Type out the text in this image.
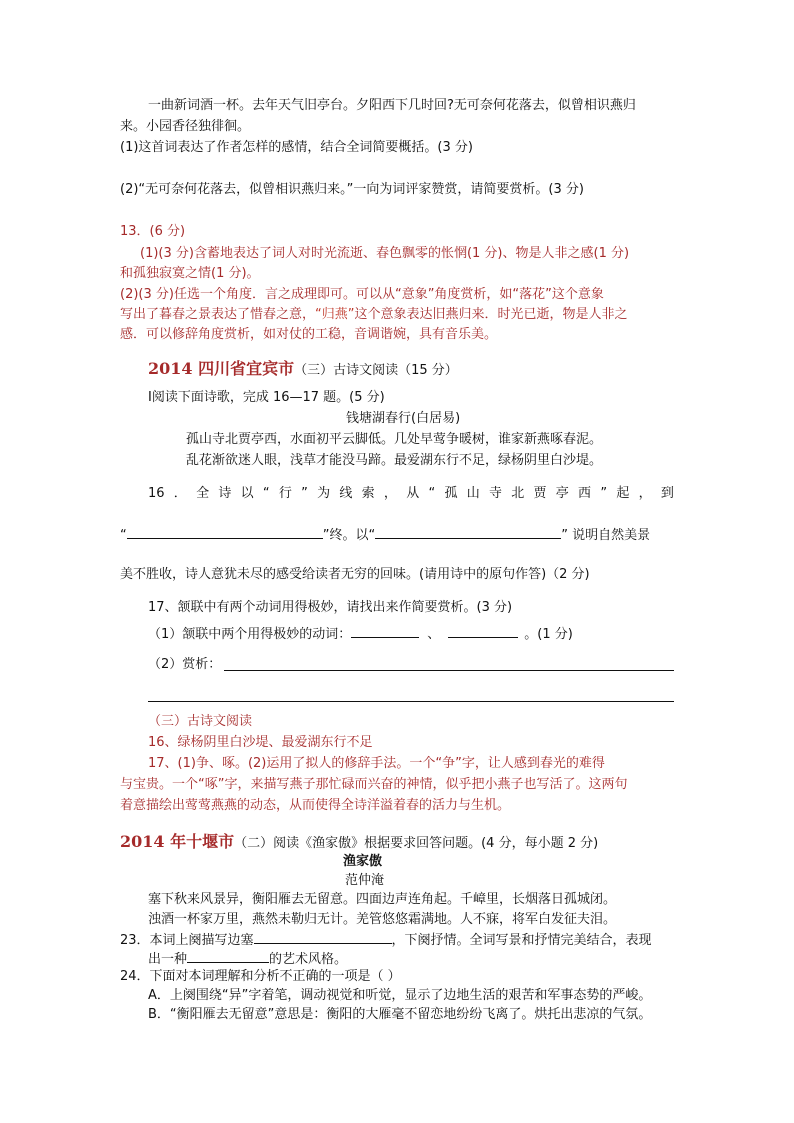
一曲新词酒一杯。去年天气旧亭台。夕阳西下几时回?无可奈何花落去，似曾相识燕归
来。小园香径独徘徊。
(1)这首词表达了作者怎样的感情，结合全词简要概括。(3 分)
(2)“无可奈何花落去，似曾相识燕归来。”一向为词评家赞赏，请简要赏析。(3 分)
13．(6 分)
(1)(3 分)含蓄地表达了词人对时光流逝、春色飘零的怅惘(1 分)、物是人非之感(1 分)
和孤独寂寞之情(1 分)。
(2)(3 分)任选一个角度．言之成理即可。可以从“意象”角度赏析，如“落花”这个意象
写出了暮春之景表达了惜春之意，“归燕”这个意象表达旧燕归来．时光已逝，物是人非之
感．可以修辞角度赏析，如对仗的工稳，音调谐婉，具有音乐美。
2014 四川省宜宾市（三）古诗文阅读（15 分）
Ⅰ阅读下面诗歌，完成 16—17 题。(5 分)
钱塘湖春行(白居易)
孤山寺北贾亭西，水面初平云脚低。几处早莺争暖树，谁家新燕啄春泥。
乱花渐欲迷人眼，浅草才能没马蹄。最爱湖东行不足，绿杨阴里白沙堤。
16 ． 全 诗 以 “ 行 ” 为 线 索 ， 从 “ 孤 山 寺 北 贾 亭 西 ” 起 ， 到
“	”终。以“	” 说明自然美景
美不胜收，诗人意犹未尽的感受给读者无穷的回味。(请用诗中的原句作答)（2 分)
17、颔联中有两个动词用得极妙，请找出来作简要赏析。(3 分)
（1）颔联中两个用得极妙的动词：	、	。(1 分)
（2）赏析：
（三）古诗文阅读
16、绿杨阴里白沙堤、最爱湖东行不足
17、(1)争、啄。(2)运用了拟人的修辞手法。一个“争”字，让人感到春光的难得
与宝贵。一个“啄”字，来描写燕子那忙碌而兴奋的神情，似乎把小燕子也写活了。这两句
着意描绘出莺莺燕燕的动态，从而使得全诗洋溢着春的活力与生机。
2014 年十堰市（二）阅读《渔家傲》根据要求回答问题。(4 分，每小题 2 分)
渔家傲
范仲淹
塞下秋来风景异，衡阳雁去无留意。四面边声连角起。千嶂里，长烟落日孤城闭。
浊酒一杯家万里，燕然未勒归无计。羌管悠悠霜满地。人不寐，将军白发征夫泪。
23．本词上阕描写边塞	，下阕抒情。全词写景和抒情完美结合，表现
出一种	的艺术风格。
24．下面对本词理解和分析不正确的一项是（ ）
A．上阕围绕“异”字着笔，调动视觉和听觉，显示了边地生活的艰苦和军事态势的严峻。
B．“衡阳雁去无留意”意思是：衡阳的大雁毫不留恋地纷纷飞离了。烘托出悲凉的气氛。
